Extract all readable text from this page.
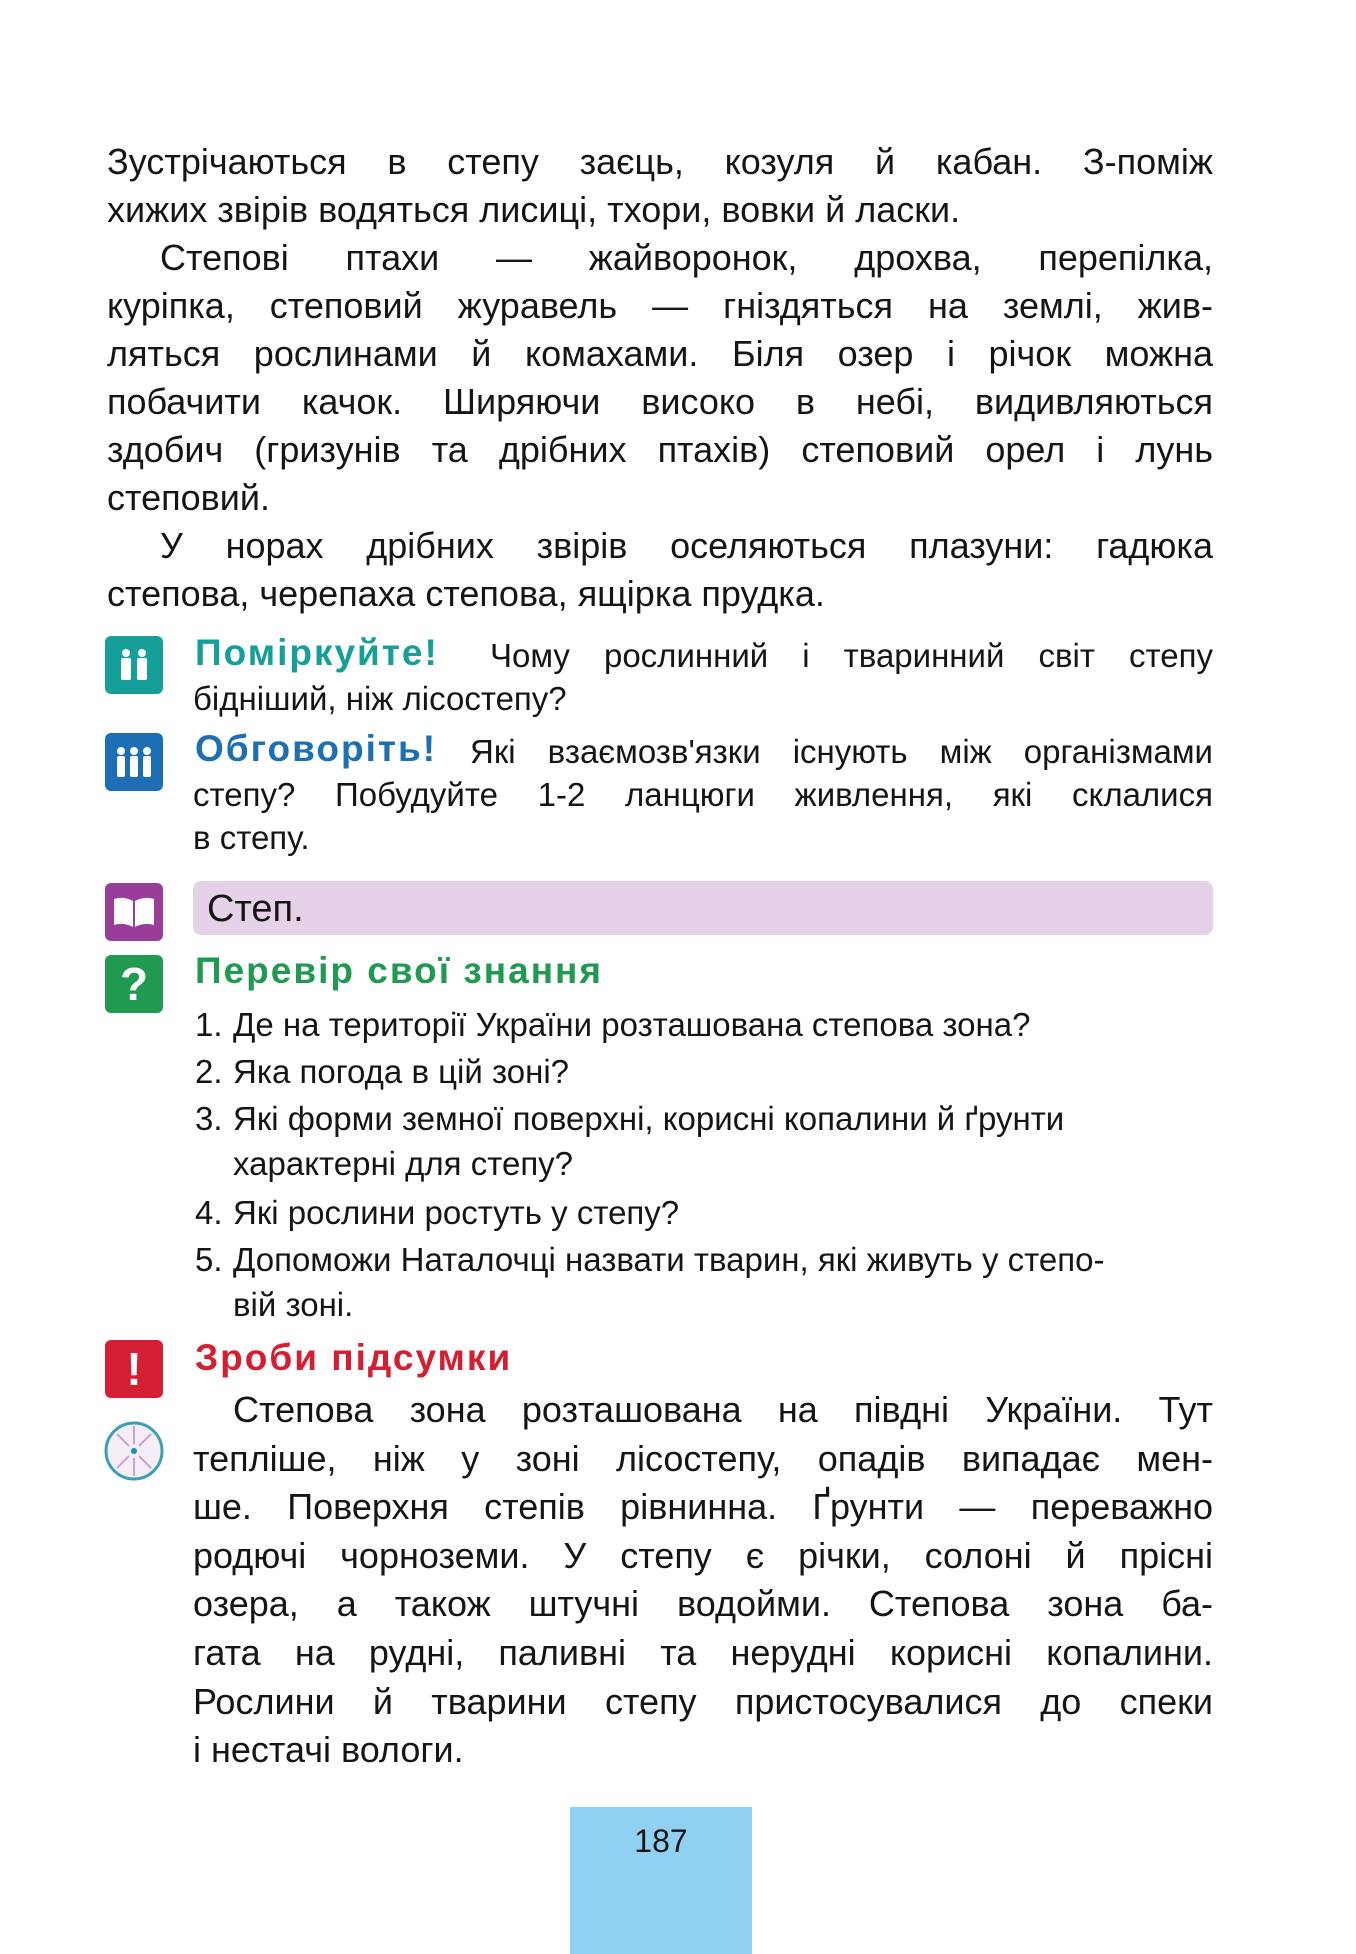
Зустрічаються в степу заєць, козуля й кабан. З-поміж
хижих звірів водяться лисиці, тхори, вовки й ласки.
Степові птахи — жайворонок, дрохва, перепілка,
куріпка, степовий журавель — гніздяться на землі, жив-
ляться рослинами й комахами. Біля озер і річок можна
побачити качок. Ширяючи високо в небі, видивляються
здобич (гризунів та дрібних птахів) степовий орел і лунь
степовий.
У норах дрібних звірів оселяються плазуни: гадюка
степова, черепаха степова, ящірка прудка.
Поміркуйте! Чому рослинний і тваринний світ степу
бідніший, ніж лісостепу?
Обговоріть! Які взаємозв'язки існують між організмами
степу? Побудуйте 1-2 ланцюги живлення, які склалися
в степу.
Степ.
?	Перевір свої знання
1. Де на території України розташована степова зона?
2. Яка погода в цій зоні?
3. Які форми земної поверхні, корисні копалини й ґрунти
характерні для степу?
4. Які рослини ростуть у степу?
5. Допоможи Наталочці назвати тварин, які живуть у степо-
вій зоні.
!	Зроби підсумки
Степова зона розташована на півдні України. Тут
тепліше, ніж у зоні лісостепу, опадів випадає мен-
ше. Поверхня степів рівнинна. Ґрунти — переважно
родючі чорноземи. У степу є річки, солоні й прісні
озера, а також штучні водойми. Степова зона ба-
гата на рудні, паливні та нерудні корисні копалини.
Рослини й тварини степу пристосувалися до спеки
і нестачі вологи.
187
